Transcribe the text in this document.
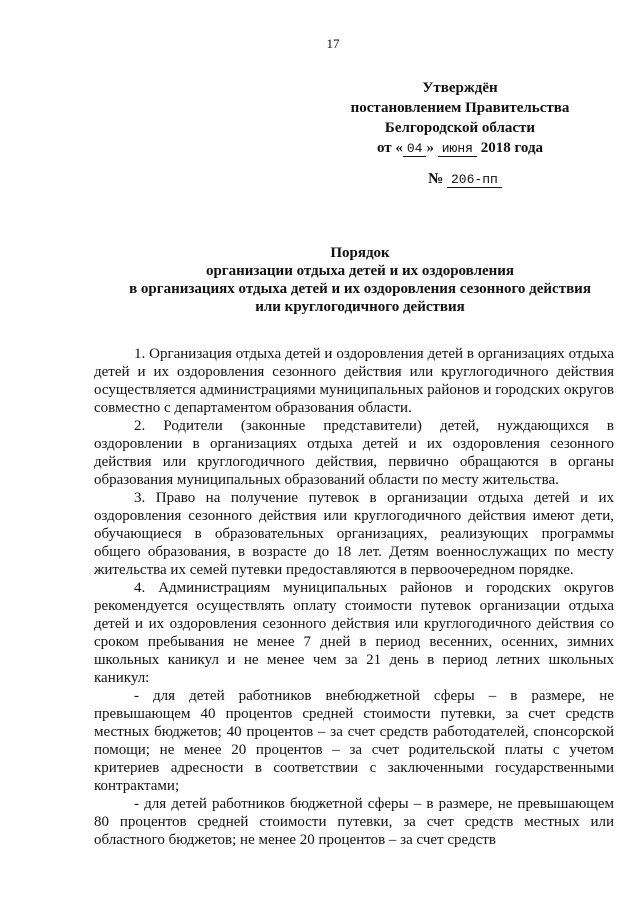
17
Утверждён
постановлением Правительства
Белгородской области
от « 04 » июня 2018 года
№ 206-пп
Порядок
организации отдыха детей и их оздоровления
в организациях отдыха детей и их оздоровления сезонного действия
или круглогодичного действия

1. Организация отдыха детей и оздоровления детей в организациях отдыха детей и их оздоровления сезонного действия или круглогодичного действия осуществляется администрациями муниципальных районов и городских округов совместно с департаментом образования области.

2. Родители (законные представители) детей, нуждающихся в оздоровлении в организациях отдыха детей и их оздоровления сезонного действия или круглогодичного действия, первично обращаются в органы образования муниципальных образований области по месту жительства.

3. Право на получение путевок в организации отдыха детей и их оздоровления сезонного действия или круглогодичного действия имеют дети, обучающиеся в образовательных организациях, реализующих программы общего образования, в возрасте до 18 лет. Детям военнослужащих по месту жительства их семей путевки предоставляются в первоочередном порядке.

4. Администрациям муниципальных районов и городских округов рекомендуется осуществлять оплату стоимости путевок организации отдыха детей и их оздоровления сезонного действия или круглогодичного действия со сроком пребывания не менее 7 дней в период весенних, осенних, зимних школьных каникул и не менее чем за 21 день в период летних школьных каникул:

- для детей работников внебюджетной сферы – в размере, не превышающем 40 процентов средней стоимости путевки, за счет средств местных бюджетов; 40 процентов – за счет средств работодателей, спонсорской помощи; не менее 20 процентов – за счет родительской платы с учетом критериев адресности в соответствии с заключенными государственными контрактами;

- для детей работников бюджетной сферы – в размере, не превышающем 80 процентов средней стоимости путевки, за счет средств местных или областного бюджетов; не менее 20 процентов – за счет средств
